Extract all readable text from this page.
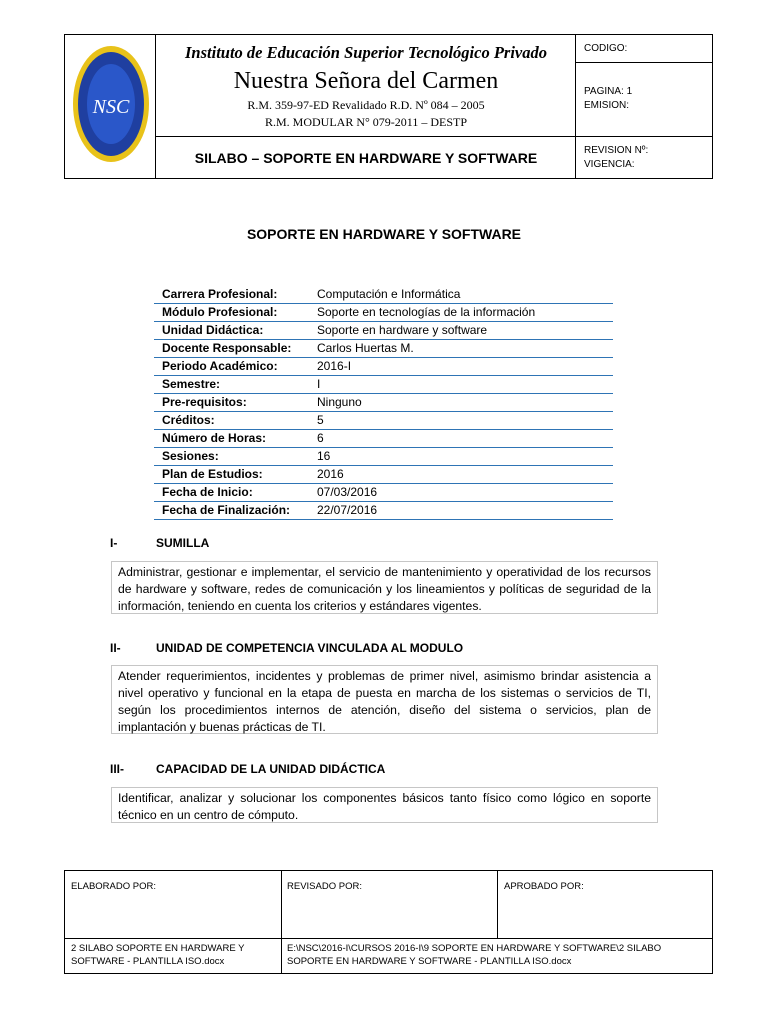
NSC
Instituto de Educación Superior Tecnológico Privado
Nuestra Señora del Carmen
R.M. 359-97-ED Revalidado R.D. Nº 084 – 2005
R.M. MODULAR N° 079-2011 – DESTP
SILABO – SOPORTE EN HARDWARE Y SOFTWARE
CODIGO:
PAGINA: 1
EMISION:
REVISION Nº:
VIGENCIA:
SOPORTE EN HARDWARE Y SOFTWARE
Carrera Profesional:	Computación e Informática
Módulo Profesional:	Soporte en tecnologías de la información
Unidad Didáctica:	Soporte en hardware y software
Docente Responsable: Carlos Huertas M.
Periodo Académico:	2016-I
Semestre:	I
Pre-requisitos:	Ninguno
Créditos:	5
Número de Horas:	6
Sesiones:	16
Plan de Estudios:	2016
Fecha de Inicio:	07/03/2016
Fecha de Finalización: 22/07/2016
I-	SUMILLA
Administrar, gestionar e implementar, el servicio de mantenimiento y operatividad de los recursos de hardware y software, redes de comunicación y los lineamientos y políticas de seguridad de la información, teniendo en cuenta los criterios y estándares vigentes.
II-	UNIDAD DE COMPETENCIA VINCULADA AL MODULO
Atender requerimientos, incidentes y problemas de primer nivel, asimismo brindar asistencia a nivel operativo y funcional en la etapa de puesta en marcha de los sistemas o servicios de TI, según los procedimientos internos de atención, diseño del sistema o servicios, plan de implantación y buenas prácticas de TI.
III-	CAPACIDAD DE LA UNIDAD DIDÁCTICA
Identificar, analizar y solucionar los componentes básicos tanto físico como lógico en soporte técnico en un centro de cómputo.
ELABORADO POR:	REVISADO POR:	APROBADO POR:
2 SILABO SOPORTE EN HARDWARE Y SOFTWARE - PLANTILLA ISO.docx
E:\NSC\2016-I\CURSOS 2016-I\9 SOPORTE EN HARDWARE Y SOFTWARE\2 SILABO SOPORTE EN HARDWARE Y SOFTWARE - PLANTILLA ISO.docx
